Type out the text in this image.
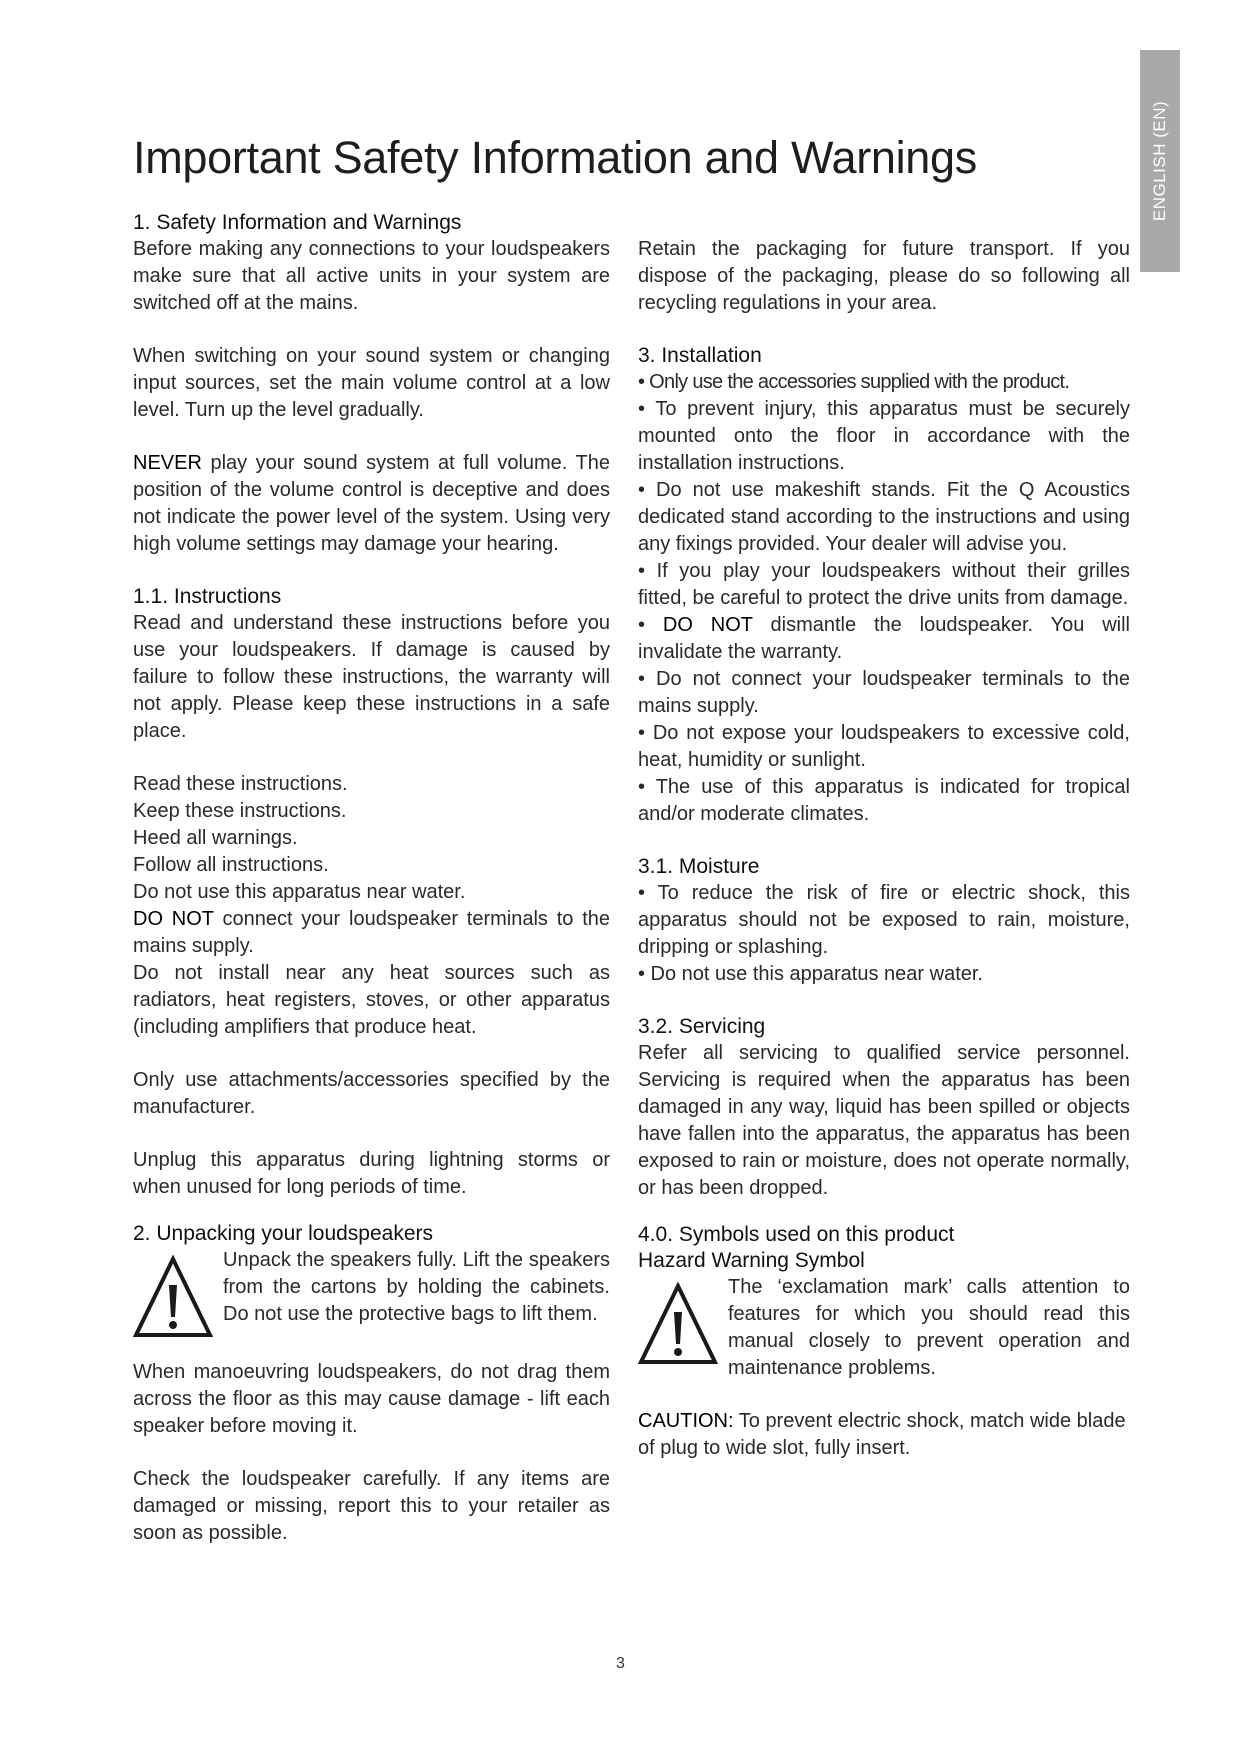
ENGLISH (EN)
Important Safety Information and Warnings
1. Safety Information and Warnings

Before making any connections to your loudspeakers make sure that all active units in your system are switched off at the mains.

When switching on your sound system or changing input sources, set the main volume control at a low level. Turn up the level gradually.

NEVER play your sound system at full volume. The position of the volume control is deceptive and does not indicate the power level of the system. Using very high volume settings may damage your hearing.

1.1. Instructions

Read and understand these instructions before you use your loudspeakers. If damage is caused by failure to follow these instructions, the warranty will not apply. Please keep these instructions in a safe place.

Read these instructions.

Keep these instructions.

Heed all warnings.

Follow all instructions.

Do not use this apparatus near water.

DO NOT connect your loudspeaker terminals to the mains supply.

Do not install near any heat sources such as radiators, heat registers, stoves, or other apparatus (including amplifiers that produce heat.

Only use attachments/accessories specified by the manufacturer.

Unplug this apparatus during lightning storms or when unused for long periods of time.

2. Unpacking your loudspeakers

Unpack the speakers fully. Lift the speakers from the cartons by holding the cabinets. Do not use the protective bags to lift them.

When manoeuvring loudspeakers, do not drag them across the floor as this may cause damage - lift each speaker before moving it.

Check the loudspeaker carefully. If any items are damaged or missing, report this to your retailer as soon as possible.

Retain the packaging for future transport. If you dispose of the packaging, please do so following all recycling regulations in your area.

3. Installation

• Only use the accessories supplied with the product.

• To prevent injury, this apparatus must be securely mounted onto the floor in accordance with the installation instructions.

• Do not use makeshift stands. Fit the Q Acoustics dedicated stand according to the instructions and using any fixings provided. Your dealer will advise you.

• If you play your loudspeakers without their grilles fitted, be careful to protect the drive units from damage.

• DO NOT dismantle the loudspeaker. You will invalidate the warranty.

• Do not connect your loudspeaker terminals to the mains supply.

• Do not expose your loudspeakers to excessive cold, heat, humidity or sunlight.

• The use of this apparatus is indicated for tropical and/or moderate climates.

3.1. Moisture

• To reduce the risk of fire or electric shock, this apparatus should not be exposed to rain, moisture, dripping or splashing.

• Do not use this apparatus near water.

3.2. Servicing

Refer all servicing to qualified service personnel. Servicing is required when the apparatus has been damaged in any way, liquid has been spilled or objects have fallen into the apparatus, the apparatus has been exposed to rain or moisture, does not operate normally, or has been dropped.

4.0. Symbols used on this product
Hazard Warning Symbol

The ‘exclamation mark’ calls attention to features for which you should read this manual closely to prevent operation and maintenance problems.

CAUTION: To prevent electric shock, match wide blade of plug to wide slot, fully insert.

3
